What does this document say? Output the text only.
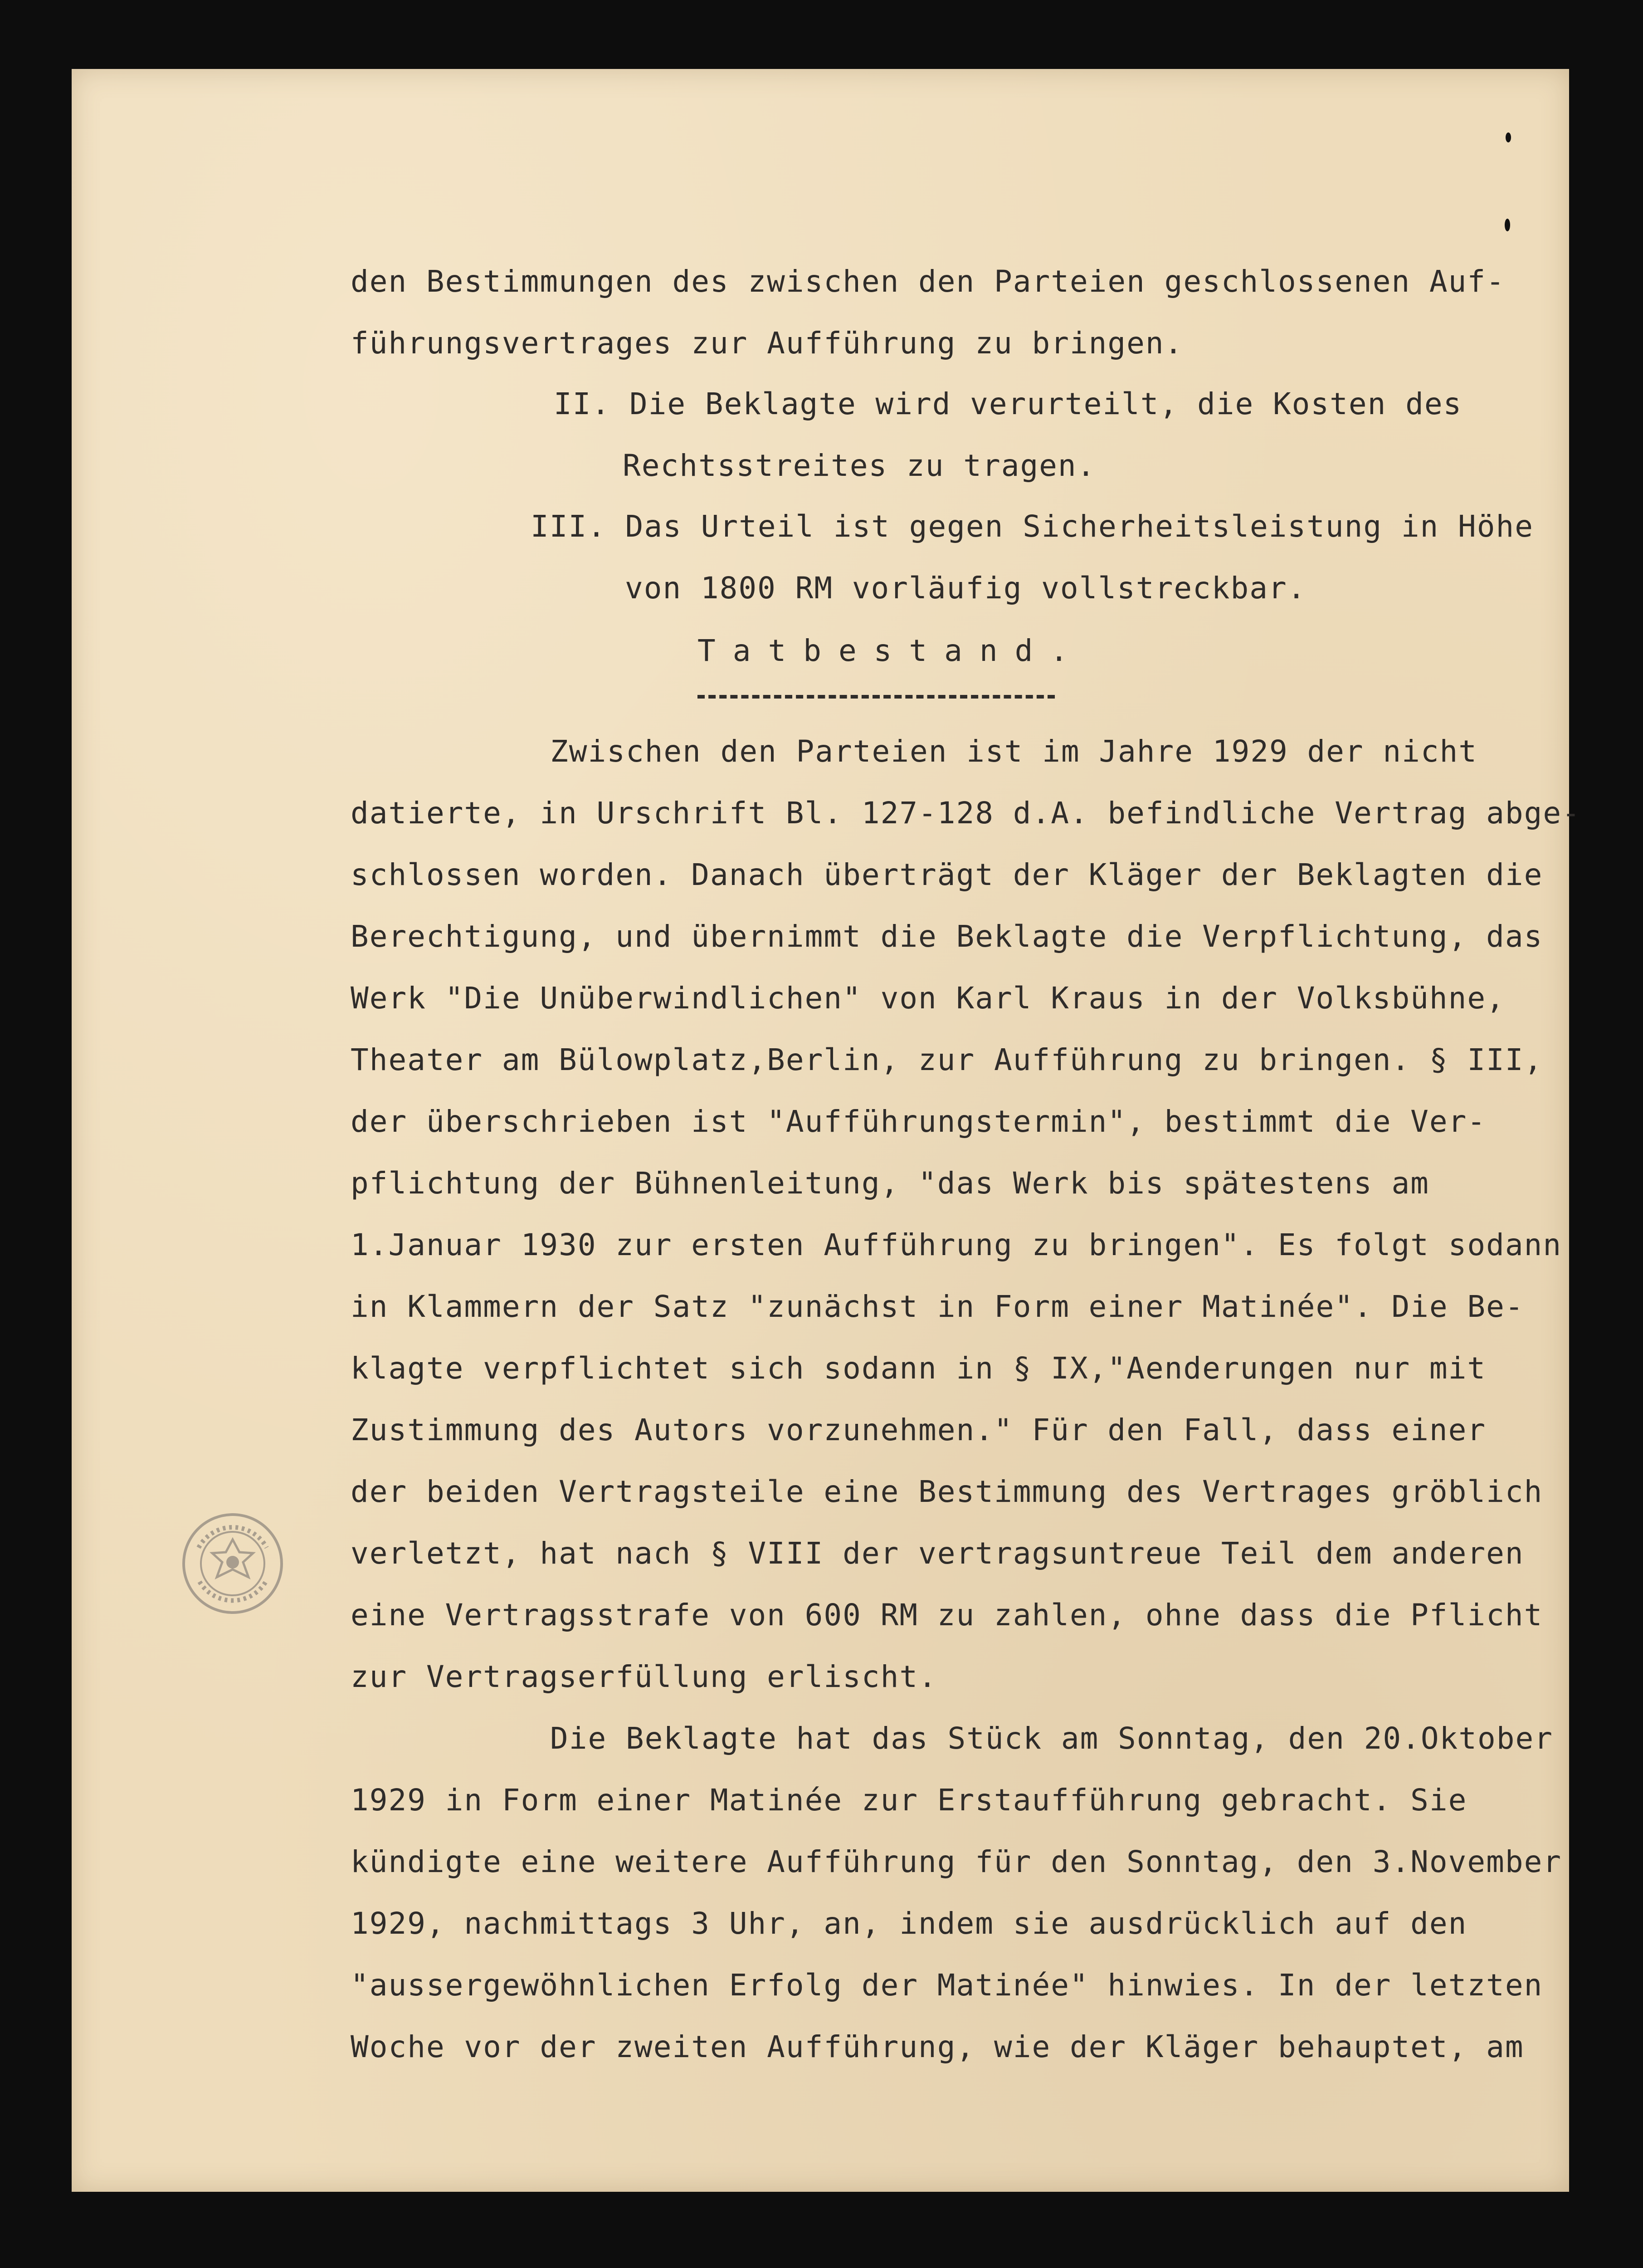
den Bestimmungen des zwischen den Parteien geschlossenen Auf-
führungsvertrages zur Aufführung zu bringen.
II. Die Beklagte wird verurteilt, die Kosten des
Rechtsstreites zu tragen.
III. Das Urteil ist gegen Sicherheitsleistung in Höhe
von 1800 RM vorläufig vollstreckbar.
Tatbestand.
Zwischen den Parteien ist im Jahre 1929 der nicht
datierte, in Urschrift Bl. 127-128 d.A. befindliche Vertrag abge-
schlossen worden. Danach überträgt der Kläger der Beklagten die
Berechtigung, und übernimmt die Beklagte die Verpflichtung, das
Werk "Die Unüberwindlichen" von Karl Kraus in der Volksbühne,
Theater am Bülowplatz,Berlin, zur Aufführung zu bringen. § III,
der überschrieben ist "Aufführungstermin", bestimmt die Ver-
pflichtung der Bühnenleitung, "das Werk bis spätestens am
1.Januar 1930 zur ersten Aufführung zu bringen". Es folgt sodann
in Klammern der Satz "zunächst in Form einer Matinée". Die Be-
klagte verpflichtet sich sodann in § IX,"Aenderungen nur mit
Zustimmung des Autors vorzunehmen." Für den Fall, dass einer
der beiden Vertragsteile eine Bestimmung des Vertrages gröblich
verletzt, hat nach § VIII der vertragsuntreue Teil dem anderen
eine Vertragsstrafe von 600 RM zu zahlen, ohne dass die Pflicht
zur Vertragserfüllung erlischt.
Die Beklagte hat das Stück am Sonntag, den 20.Oktober
1929 in Form einer Matinée zur Erstaufführung gebracht. Sie
kündigte eine weitere Aufführung für den Sonntag, den 3.November
1929, nachmittags 3 Uhr, an, indem sie ausdrücklich auf den
"aussergewöhnlichen Erfolg der Matinée" hinwies. In der letzten
Woche vor der zweiten Aufführung, wie der Kläger behauptet, am
